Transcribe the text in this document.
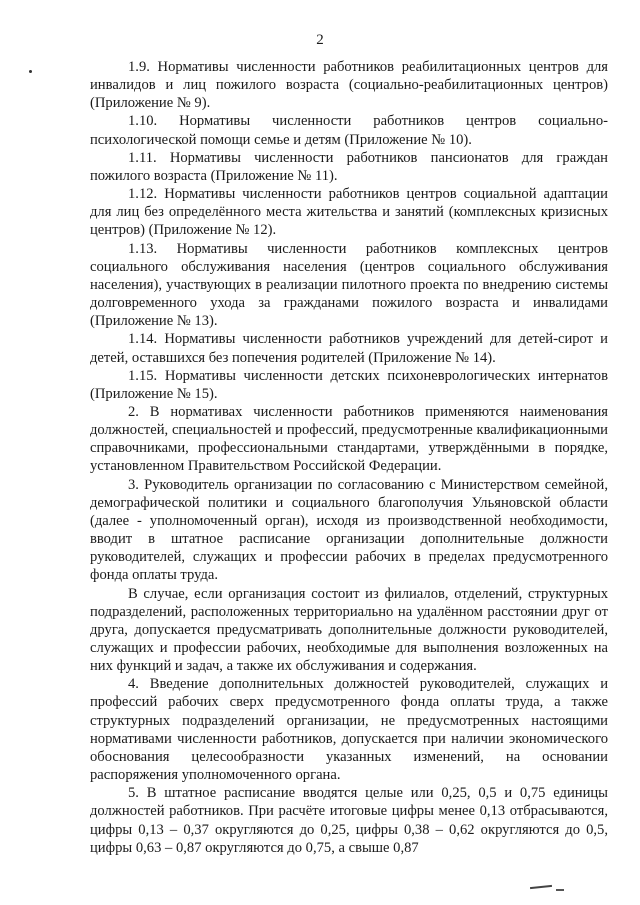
2

1.9. Нормативы численности работников реабилитационных центров для инвалидов и лиц пожилого возраста (социально-реабилитационных центров) (Приложение № 9).

1.10. Нормативы численности работников центров социально-психологической помощи семье и детям (Приложение № 10).

1.11. Нормативы численности работников пансионатов для граждан пожилого возраста (Приложение № 11).

1.12. Нормативы численности работников центров социальной адаптации для лиц без определённого места жительства и занятий (комплексных кризисных центров) (Приложение № 12).

1.13. Нормативы численности работников комплексных центров социального обслуживания населения (центров социального обслуживания населения), участвующих в реализации пилотного проекта по внедрению системы долговременного ухода за гражданами пожилого возраста и инвалидами (Приложение № 13).

1.14. Нормативы численности работников учреждений для детей-сирот и детей, оставшихся без попечения родителей (Приложение № 14).

1.15. Нормативы численности детских психоневрологических интернатов (Приложение № 15).

2. В нормативах численности работников применяются наименования должностей, специальностей и профессий, предусмотренные квалификационными справочниками, профессиональными стандартами, утверждёнными в порядке, установленном Правительством Российской Федерации.

3. Руководитель организации по согласованию с Министерством семейной, демографической политики и социального благополучия Ульяновской области (далее - уполномоченный орган), исходя из производственной необходимости, вводит в штатное расписание организации дополнительные должности руководителей, служащих и профессии рабочих в пределах предусмотренного фонда оплаты труда.

В случае, если организация состоит из филиалов, отделений, структурных подразделений, расположенных территориально на удалённом расстоянии друг от друга, допускается предусматривать дополнительные должности руководителей, служащих и профессии рабочих, необходимые для выполнения возложенных на них функций и задач, а также их обслуживания и содержания.

4. Введение дополнительных должностей руководителей, служащих и профессий рабочих сверх предусмотренного фонда оплаты труда, а также структурных подразделений организации, не предусмотренных настоящими нормативами численности работников, допускается при наличии экономического обоснования целесообразности указанных изменений, на основании распоряжения уполномоченного органа.

5. В штатное расписание вводятся целые или 0,25, 0,5 и 0,75 единицы должностей работников. При расчёте итоговые цифры менее 0,13 отбрасываются, цифры 0,13 – 0,37 округляются до 0,25, цифры 0,38 – 0,62 округляются до 0,5, цифры 0,63 – 0,87 округляются до 0,75, а свыше 0,87
